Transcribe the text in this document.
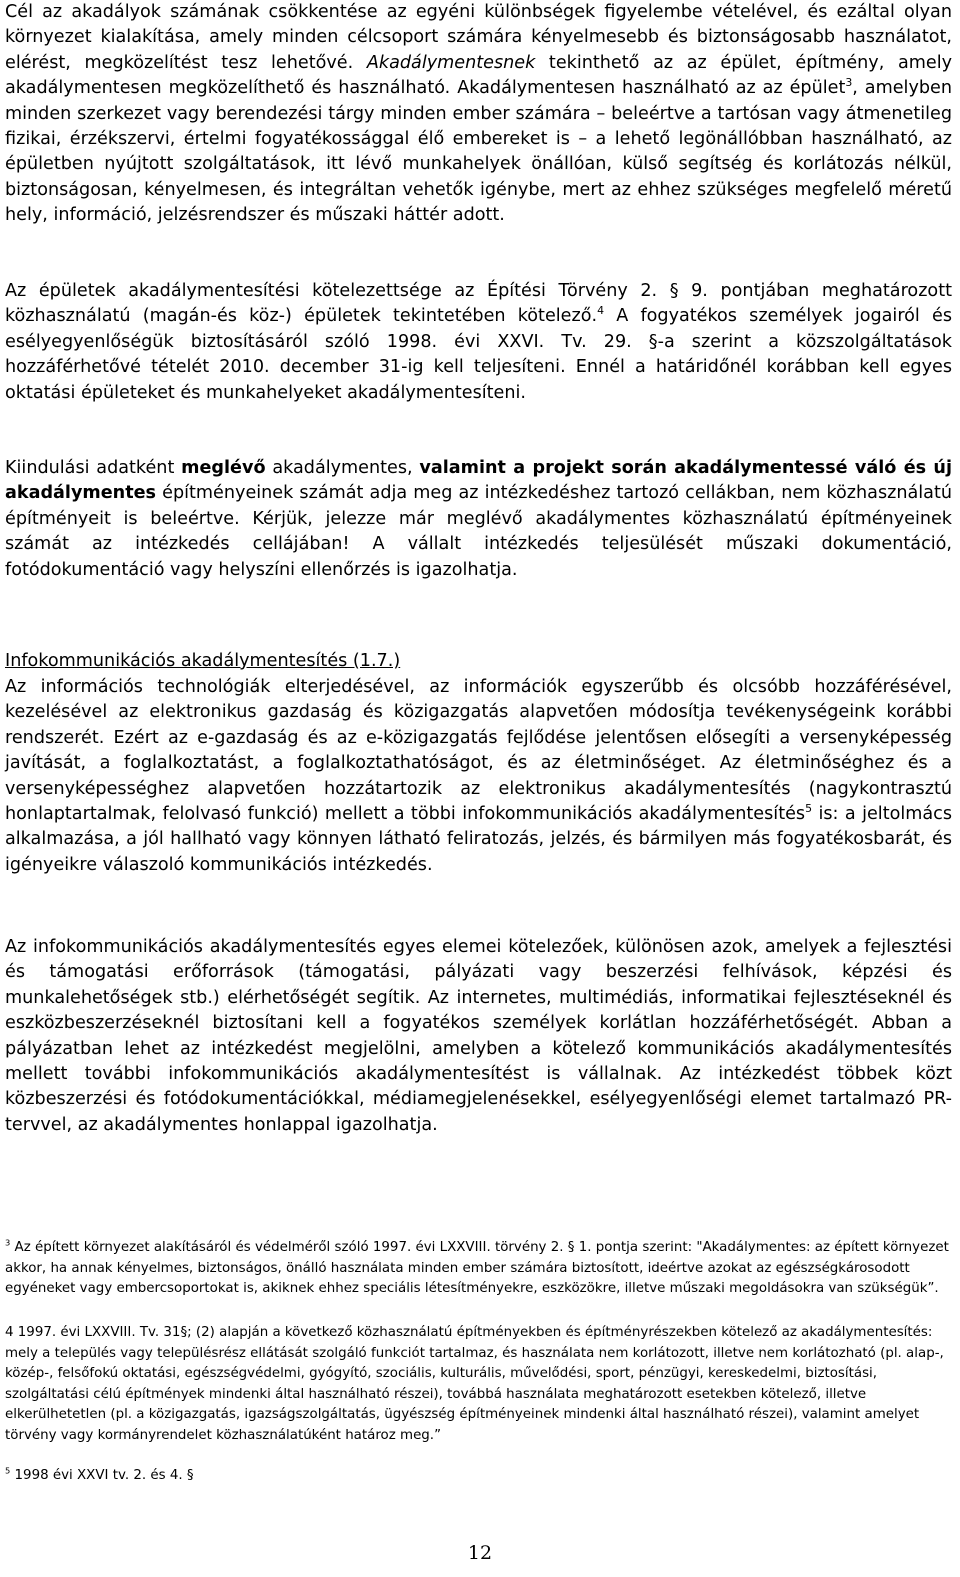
Cél az akadályok számának csökkentése az egyéni különbségek figyelembe vételével, és ezáltal olyan környezet kialakítása, amely minden célcsoport számára kényelmesebb és biztonságosabb használatot, elérést, megközelítést tesz lehetővé. Akadálymentesnek tekinthető az az épület, építmény, amely akadálymentesen megközelíthető és használható. Akadálymentesen használható az az épület$^3$, amelyben minden szerkezet vagy berendezési tárgy minden ember számára – beleértve a tartósan vagy átmenetileg fizikai, érzékszervi, értelmi fogyatékossággal élő embereket is – a lehető legönállóbban használható, az épületben nyújtott szolgáltatások, itt lévő munkahelyek önállóan, külső segítség és korlátozás nélkül, biztonságosan, kényelmesen, és integráltan vehetők igénybe, mert az ehhez szükséges megfelelő méretű hely, információ, jelzésrendszer és műszaki háttér adott.

Az épületek akadálymentesítési kötelezettsége az Építési Törvény 2. § 9. pontjában meghatározott közhasználatú (magán-és köz-) épületek tekintetében kötelező.$^4$ A fogyatékos személyek jogairól és esélyegyenlőségük biztosításáról szóló 1998. évi XXVI. Tv. 29. §-a szerint a közszolgáltatások hozzáférhetővé tételét 2010. december 31-ig kell teljesíteni. Ennél a határidőnél korábban kell egyes oktatási épületeket és munkahelyeket akadálymentesíteni.

Kiindulási adatként meglévő akadálymentes, valamint a projekt során akadálymentessé váló és új akadálymentes építményeinek számát adja meg az intézkedéshez tartozó cellákban, nem közhasználatú építményeit is beleértve. Kérjük, jelezze már meglévő akadálymentes közhasználatú építményeinek számát az intézkedés cellájában! A vállalt intézkedés teljesülését műszaki dokumentáció, fotódokumentáció vagy helyszíni ellenőrzés is igazolhatja.

Infokommunikációs akadálymentesítés (1.7.)

Az információs technológiák elterjedésével, az információk egyszerűbb és olcsóbb hozzáférésével, kezelésével az elektronikus gazdaság és közigazgatás alapvetően módosítja tevékenységeink korábbi rendszerét. Ezért az e-gazdaság és az e-közigazgatás fejlődése jelentősen elősegíti a versenyképesség javítását, a foglalkoztatást, a foglalkoztathatóságot, és az életminőséget. Az életminőséghez és a versenyképességhez alapvetően hozzátartozik az elektronikus akadálymentesítés (nagykontrasztú honlaptartalmak, felolvasó funkció) mellett a többi infokommunikációs akadálymentesítés$^5$ is: a jeltolmács alkalmazása, a jól hallható vagy könnyen látható feliratozás, jelzés, és bármilyen más fogyatékosbarát, és igényeikre válaszoló kommunikációs intézkedés.

Az infokommunikációs akadálymentesítés egyes elemei kötelezőek, különösen azok, amelyek a fejlesztési és támogatási erőforrások (támogatási, pályázati vagy beszerzési felhívások, képzési és munkalehetőségek stb.) elérhetőségét segítik. Az internetes, multimédiás, informatikai fejlesztéseknél és eszközbeszerzéseknél biztosítani kell a fogyatékos személyek korlátlan hozzáférhetőségét. Abban a pályázatban lehet az intézkedést megjelölni, amelyben a kötelező kommunikációs akadálymentesítés mellett további infokommunikációs akadálymentesítést is vállalnak. Az intézkedést többek közt közbeszerzési és fotódokumentációkkal, médiamegjelenésekkel, esélyegyenlőségi elemet tartalmazó PR-tervvel, az akadálymentes honlappal igazolhatja.

$^3$ Az épített környezet alakításáról és védelméről szóló 1997. évi LXXVIII. törvény 2. § 1. pontja szerint: "Akadálymentes: az épített környezet akkor, ha annak kényelmes, biztonságos, önálló használata minden ember számára biztosított, ideértve azokat az egészségkárosodott egyéneket vagy embercsoportokat is, akiknek ehhez speciális létesítményekre, eszközökre, illetve műszaki megoldásokra van szükségük”.

4 1997. évi LXXVIII. Tv. 31§; (2) alapján a következő közhasználatú építményekben és építményrészekben kötelező az akadálymentesítés: mely a település vagy településrész ellátását szolgáló funkciót tartalmaz, és használata nem korlátozott, illetve nem korlátozható (pl. alap-, közép-, felsőfokú oktatási, egészségvédelmi, gyógyító, szociális, kulturális, művelődési, sport, pénzügyi, kereskedelmi, biztosítási, szolgáltatási célú építmények mindenki által használható részei), továbbá használata meghatározott esetekben kötelező, illetve elkerülhetetlen (pl. a közigazgatás, igazságszolgáltatás, ügyészség építményeinek mindenki által használható részei), valamint amelyet törvény vagy kormányrendelet közhasználatúként határoz meg.”

$^5$ 1998 évi XXVI tv. 2. és 4. §

12
